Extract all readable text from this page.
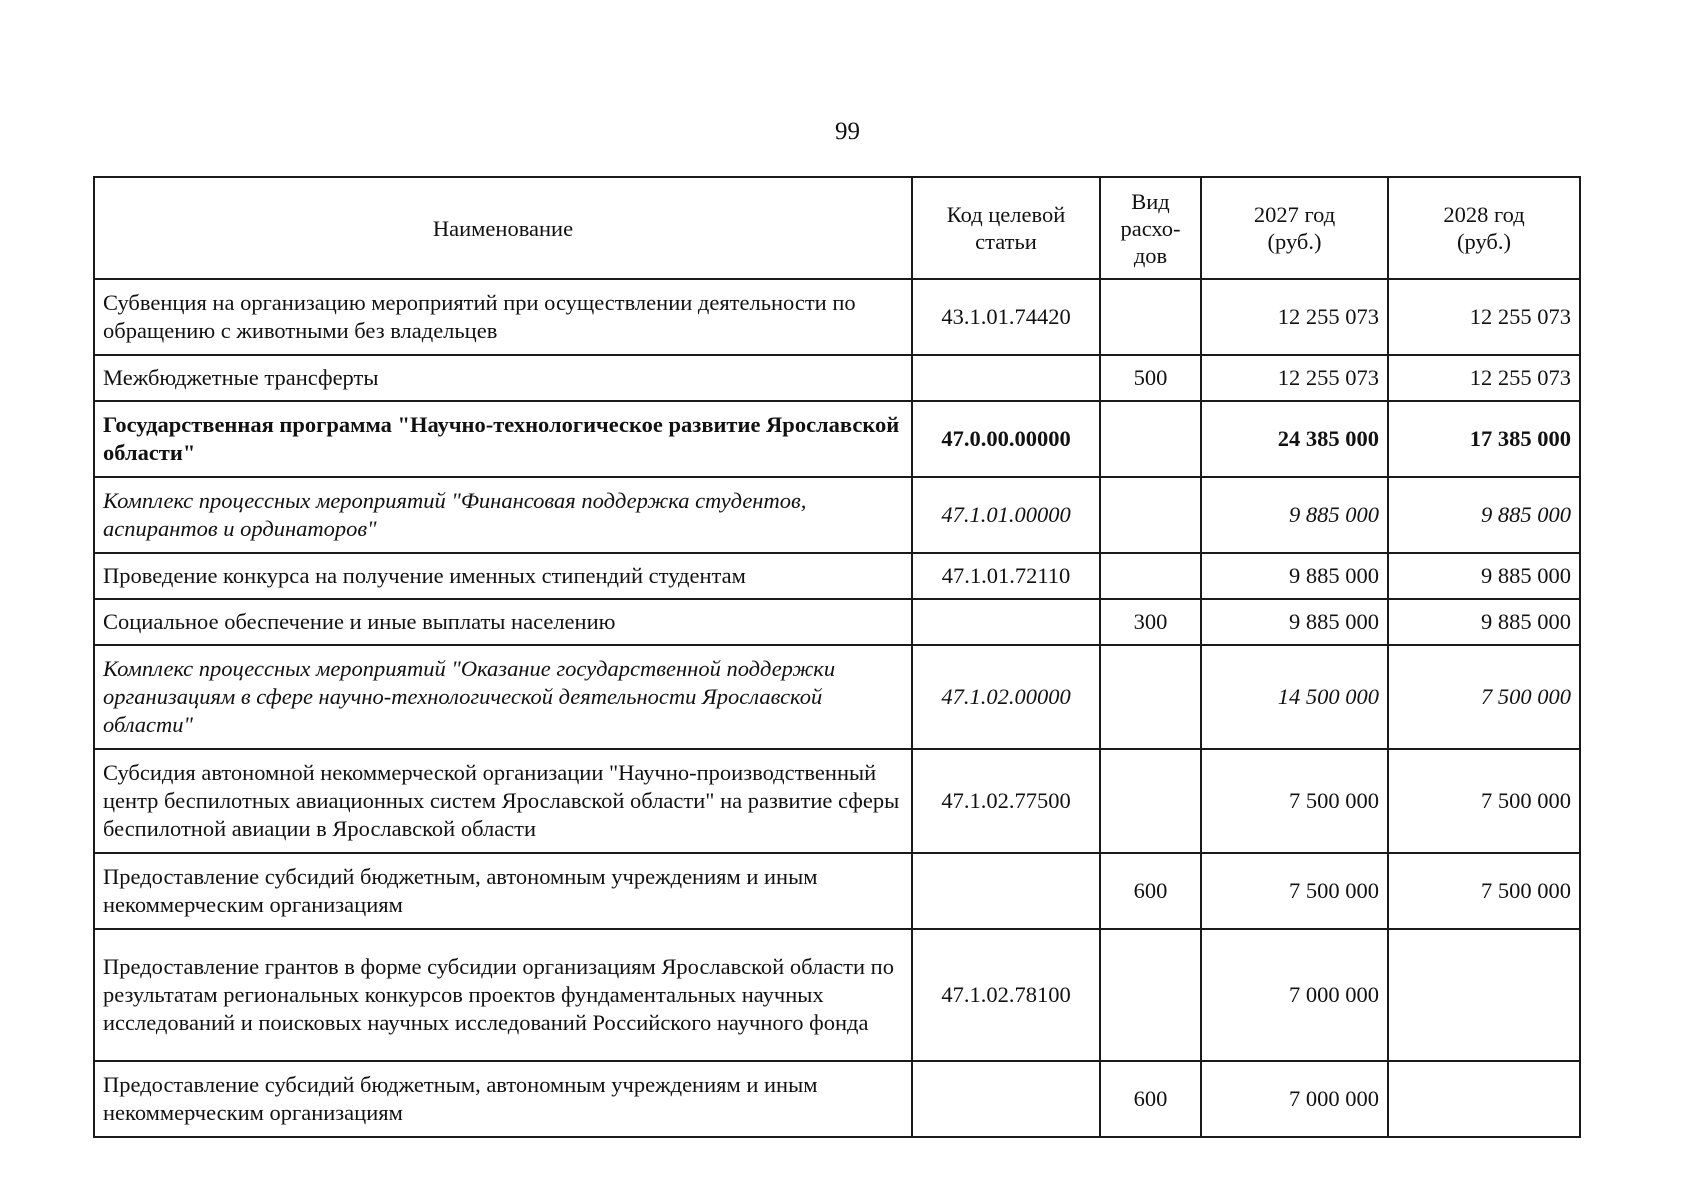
99
Наименование	Код целевой статьи	Вид расхо-дов	2027 год (руб.)	2028 год (руб.)
Субвенция на организацию мероприятий при осуществлении деятельности по обращению с животными без владельцев	43.1.01.74420		12 255 073	12 255 073
Межбюджетные трансферты		500	12 255 073	12 255 073
Государственная программа "Научно-технологическое развитие Ярославской области"	47.0.00.00000		24 385 000	17 385 000
Комплекс процессных мероприятий "Финансовая поддержка студентов, аспирантов и ординаторов"	47.1.01.00000		9 885 000	9 885 000
Проведение конкурса на получение именных стипендий студентам	47.1.01.72110		9 885 000	9 885 000
Социальное обеспечение и иные выплаты населению		300	9 885 000	9 885 000
Комплекс процессных мероприятий "Оказание государственной поддержки организациям в сфере научно-технологической деятельности Ярославской области"	47.1.02.00000		14 500 000	7 500 000
Субсидия автономной некоммерческой организации "Научно-производственный центр беспилотных авиационных систем Ярославской области" на развитие сферы беспилотной авиации в Ярославской области	47.1.02.77500		7 500 000	7 500 000
Предоставление субсидий бюджетным, автономным учреждениям и иным некоммерческим организациям		600	7 500 000	7 500 000
Предоставление грантов в форме субсидии организациям Ярославской области по результатам региональных конкурсов проектов фундаментальных научных исследований и поисковых научных исследований Российского научного фонда	47.1.02.78100		7 000 000	
Предоставление субсидий бюджетным, автономным учреждениям и иным некоммерческим организациям		600	7 000 000	
